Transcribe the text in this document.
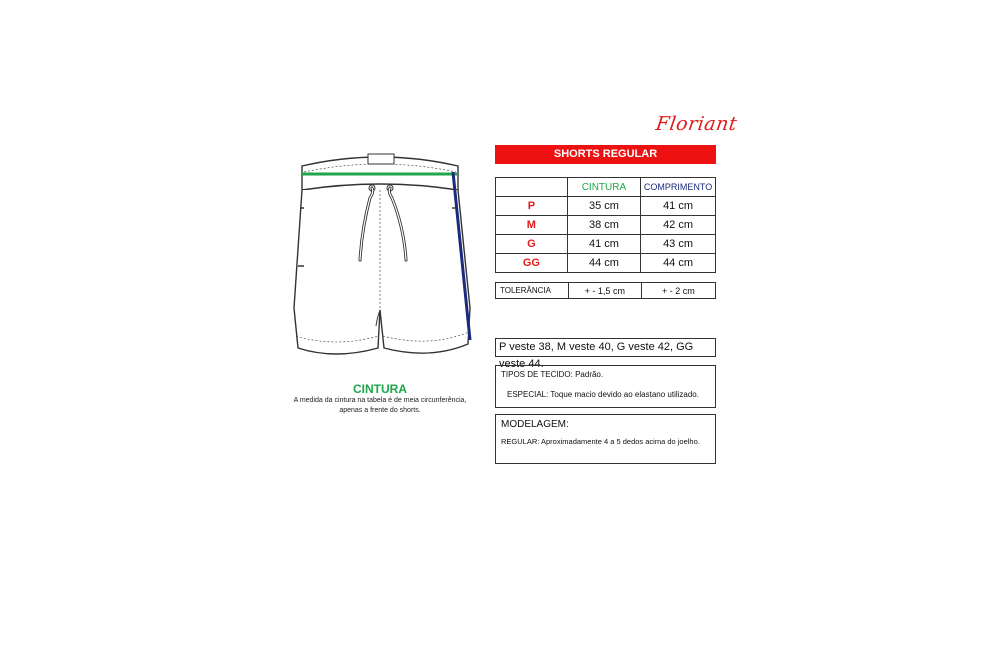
Floriant
SHORTS REGULAR
	CINTURA	COMPRIMENTO
P	35 cm	41 cm
M	38 cm	42 cm
G	41 cm	43 cm
GG	44 cm	44 cm
TOLERÂNCIA	+ - 1,5 cm	+ - 2 cm
P veste 38, M veste 40, G veste 42, GG veste 44.
TIPOS DE TECIDO: Padrão.
ESPECIAL: Toque macio devido ao elastano utilizado.
MODELAGEM:
REGULAR: Aproximadamente 4 a 5 dedos acima do joelho.
CINTURA
A medida da cintura na tabela é de meia circunferência,
apenas a frente do shorts.
